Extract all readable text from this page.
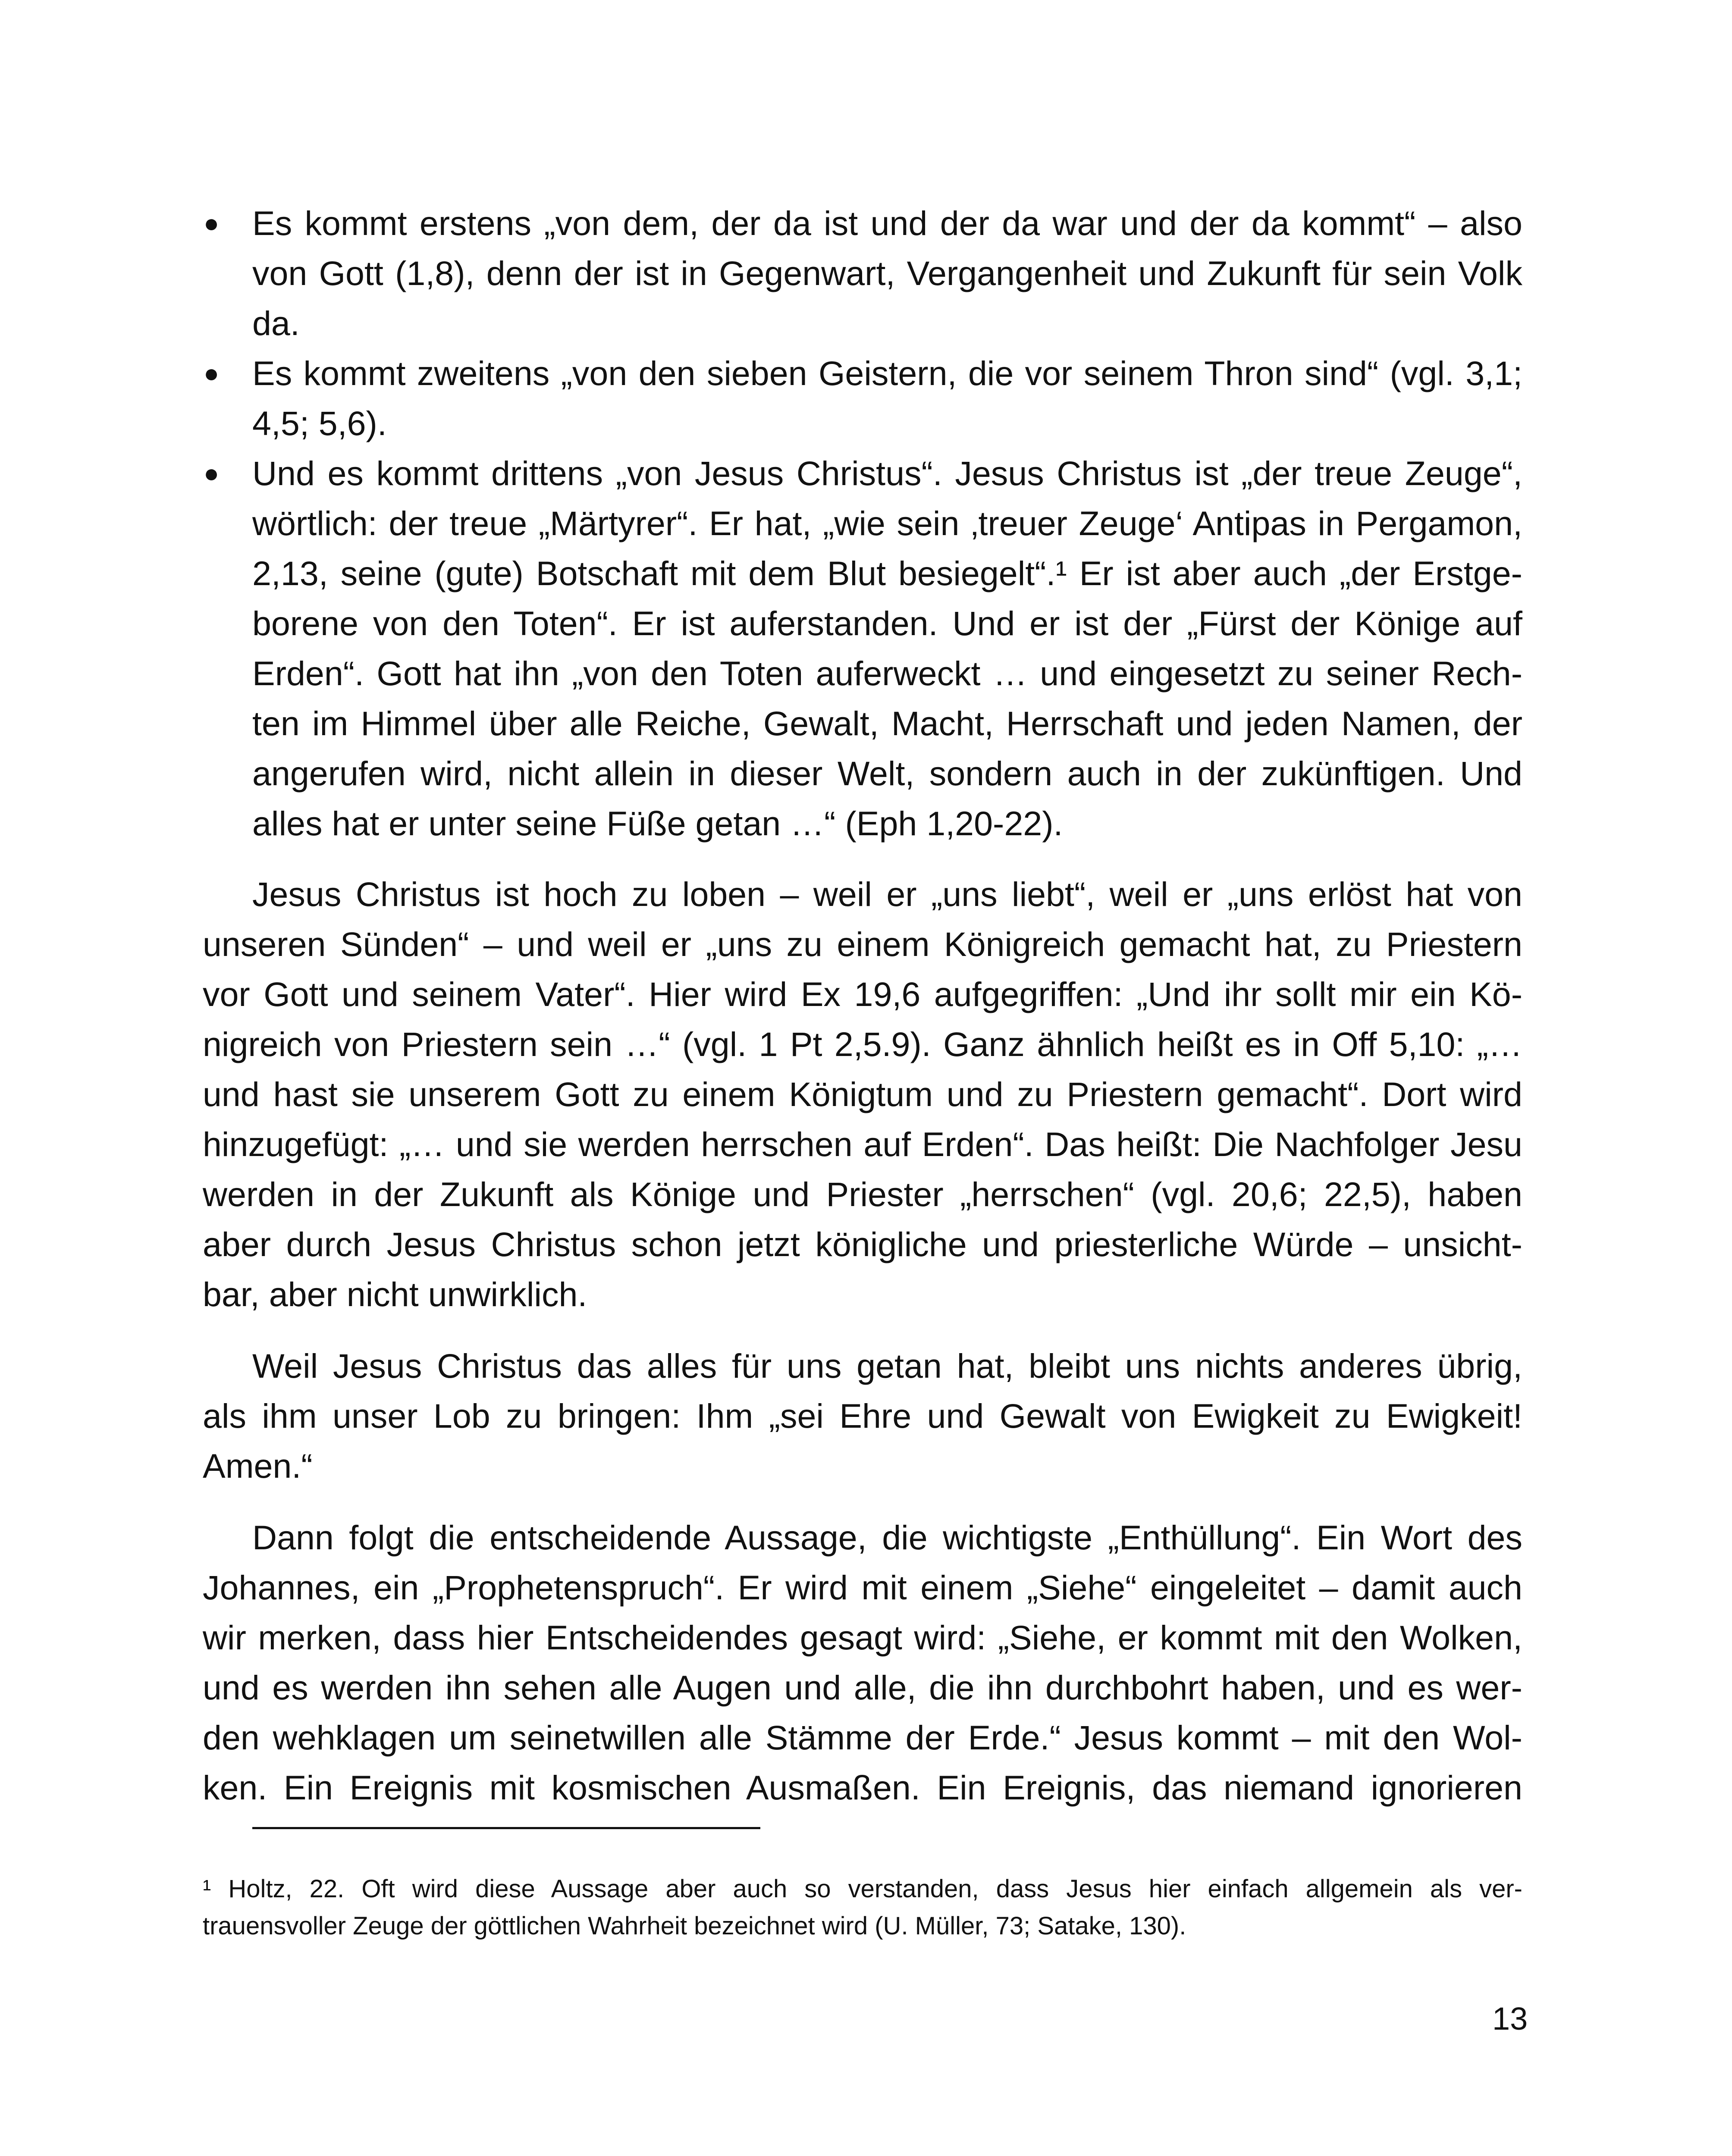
● Es kommt erstens „von dem, der da ist und der da war und der da kommt“ – also
von Gott (1,8), denn der ist in Gegenwart, Vergangenheit und Zukunft für sein Volk
da.
● Es kommt zweitens „von den sieben Geistern, die vor seinem Thron sind“ (vgl. 3,1;
4,5; 5,6).
● Und es kommt drittens „von Jesus Christus“. Jesus Christus ist „der treue Zeuge“,
wörtlich: der treue „Märtyrer“. Er hat, „wie sein ‚treuer Zeuge‘ Antipas in Pergamon,
2,13, seine (gute) Botschaft mit dem Blut besiegelt“.¹ Er ist aber auch „der Erstge-
borene von den Toten“. Er ist auferstanden. Und er ist der „Fürst der Könige auf
Erden“. Gott hat ihn „von den Toten auferweckt … und eingesetzt zu seiner Rech-
ten im Himmel über alle Reiche, Gewalt, Macht, Herrschaft und jeden Namen, der
angerufen wird, nicht allein in dieser Welt, sondern auch in der zukünftigen. Und
alles hat er unter seine Füße getan …“ (Eph 1,20-22).
Jesus Christus ist hoch zu loben – weil er „uns liebt“, weil er „uns erlöst hat von
unseren Sünden“ – und weil er „uns zu einem Königreich gemacht hat, zu Priestern
vor Gott und seinem Vater“. Hier wird Ex 19,6 aufgegriffen: „Und ihr sollt mir ein Kö-
nigreich von Priestern sein …“ (vgl. 1 Pt 2,5.9). Ganz ähnlich heißt es in Off 5,10: „…
und hast sie unserem Gott zu einem Königtum und zu Priestern gemacht“. Dort wird
hinzugefügt: „… und sie werden herrschen auf Erden“. Das heißt: Die Nachfolger Jesu
werden in der Zukunft als Könige und Priester „herrschen“ (vgl. 20,6; 22,5), haben
aber durch Jesus Christus schon jetzt königliche und priesterliche Würde – unsicht-
bar, aber nicht unwirklich.
Weil Jesus Christus das alles für uns getan hat, bleibt uns nichts anderes übrig,
als ihm unser Lob zu bringen: Ihm „sei Ehre und Gewalt von Ewigkeit zu Ewigkeit!
Amen.“
Dann folgt die entscheidende Aussage, die wichtigste „Enthüllung“. Ein Wort des
Johannes, ein „Prophetenspruch“. Er wird mit einem „Siehe“ eingeleitet – damit auch
wir merken, dass hier Entscheidendes gesagt wird: „Siehe, er kommt mit den Wolken,
und es werden ihn sehen alle Augen und alle, die ihn durchbohrt haben, und es wer-
den wehklagen um seinetwillen alle Stämme der Erde.“ Jesus kommt – mit den Wol-
ken. Ein Ereignis mit kosmischen Ausmaßen. Ein Ereignis, das niemand ignorieren
¹ Holtz, 22. Oft wird diese Aussage aber auch so verstanden, dass Jesus hier einfach allgemein als ver-
trauensvoller Zeuge der göttlichen Wahrheit bezeichnet wird (U. Müller, 73; Satake, 130).
13
